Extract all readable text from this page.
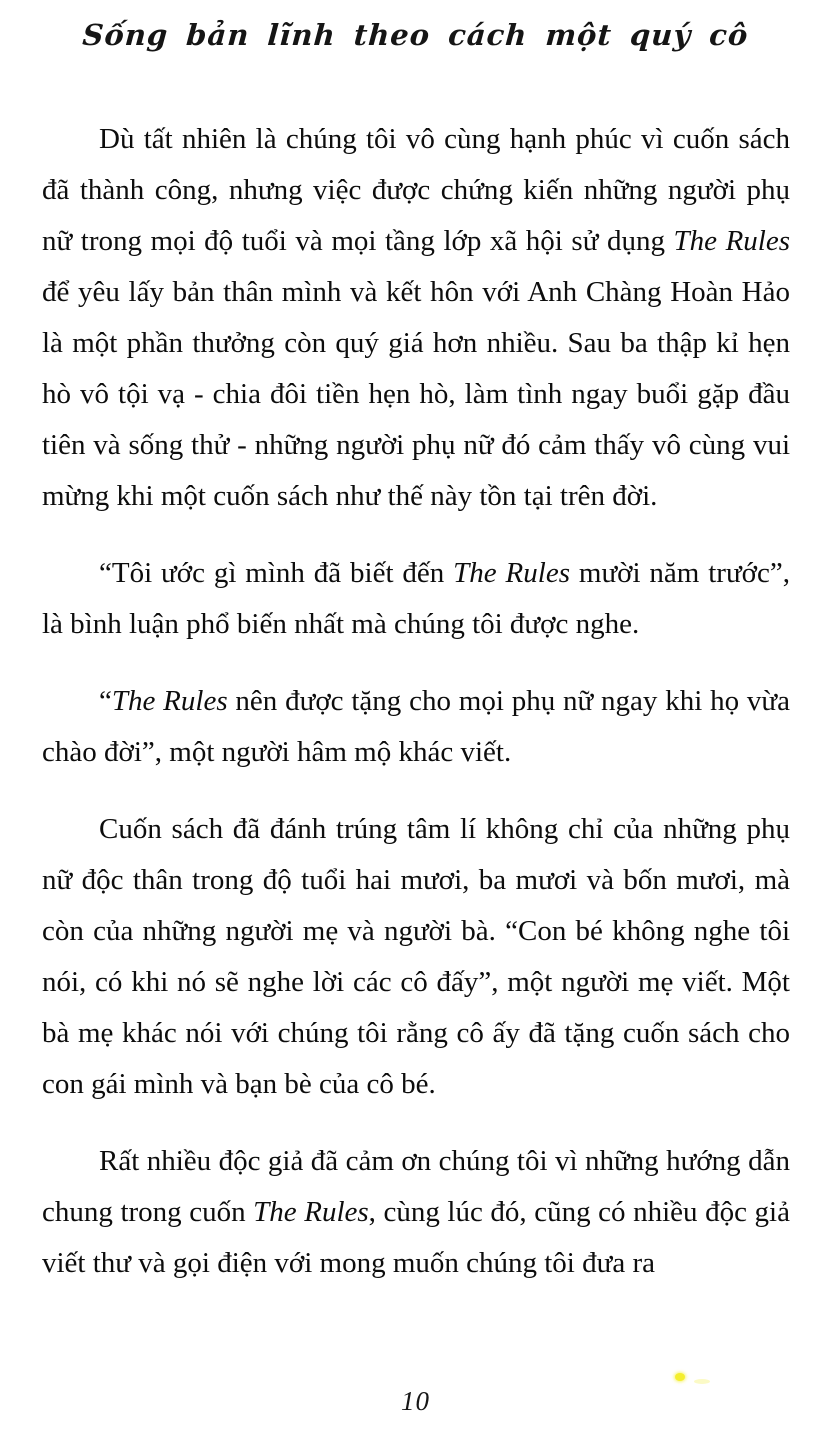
Sống bản lĩnh theo cách một quý cô

Dù tất nhiên là chúng tôi vô cùng hạnh phúc vì cuốn sách đã thành công, nhưng việc được chứng kiến những người phụ nữ trong mọi độ tuổi và mọi tầng lớp xã hội sử dụng The Rules để yêu lấy bản thân mình và kết hôn với Anh Chàng Hoàn Hảo là một phần thưởng còn quý giá hơn nhiều. Sau ba thập kỉ hẹn hò vô tội vạ - chia đôi tiền hẹn hò, làm tình ngay buổi gặp đầu tiên và sống thử - những người phụ nữ đó cảm thấy vô cùng vui mừng khi một cuốn sách như thế này tồn tại trên đời.

“Tôi ước gì mình đã biết đến The Rules mười năm trước”, là bình luận phổ biến nhất mà chúng tôi được nghe.

“The Rules nên được tặng cho mọi phụ nữ ngay khi họ vừa chào đời”, một người hâm mộ khác viết.

Cuốn sách đã đánh trúng tâm lí không chỉ của những phụ nữ độc thân trong độ tuổi hai mươi, ba mươi và bốn mươi, mà còn của những người mẹ và người bà. “Con bé không nghe tôi nói, có khi nó sẽ nghe lời các cô đấy”, một người mẹ viết. Một bà mẹ khác nói với chúng tôi rằng cô ấy đã tặng cuốn sách cho con gái mình và bạn bè của cô bé.

Rất nhiều độc giả đã cảm ơn chúng tôi vì những hướng dẫn chung trong cuốn The Rules, cùng lúc đó, cũng có nhiều độc giả viết thư và gọi điện với mong muốn chúng tôi đưa ra

10
